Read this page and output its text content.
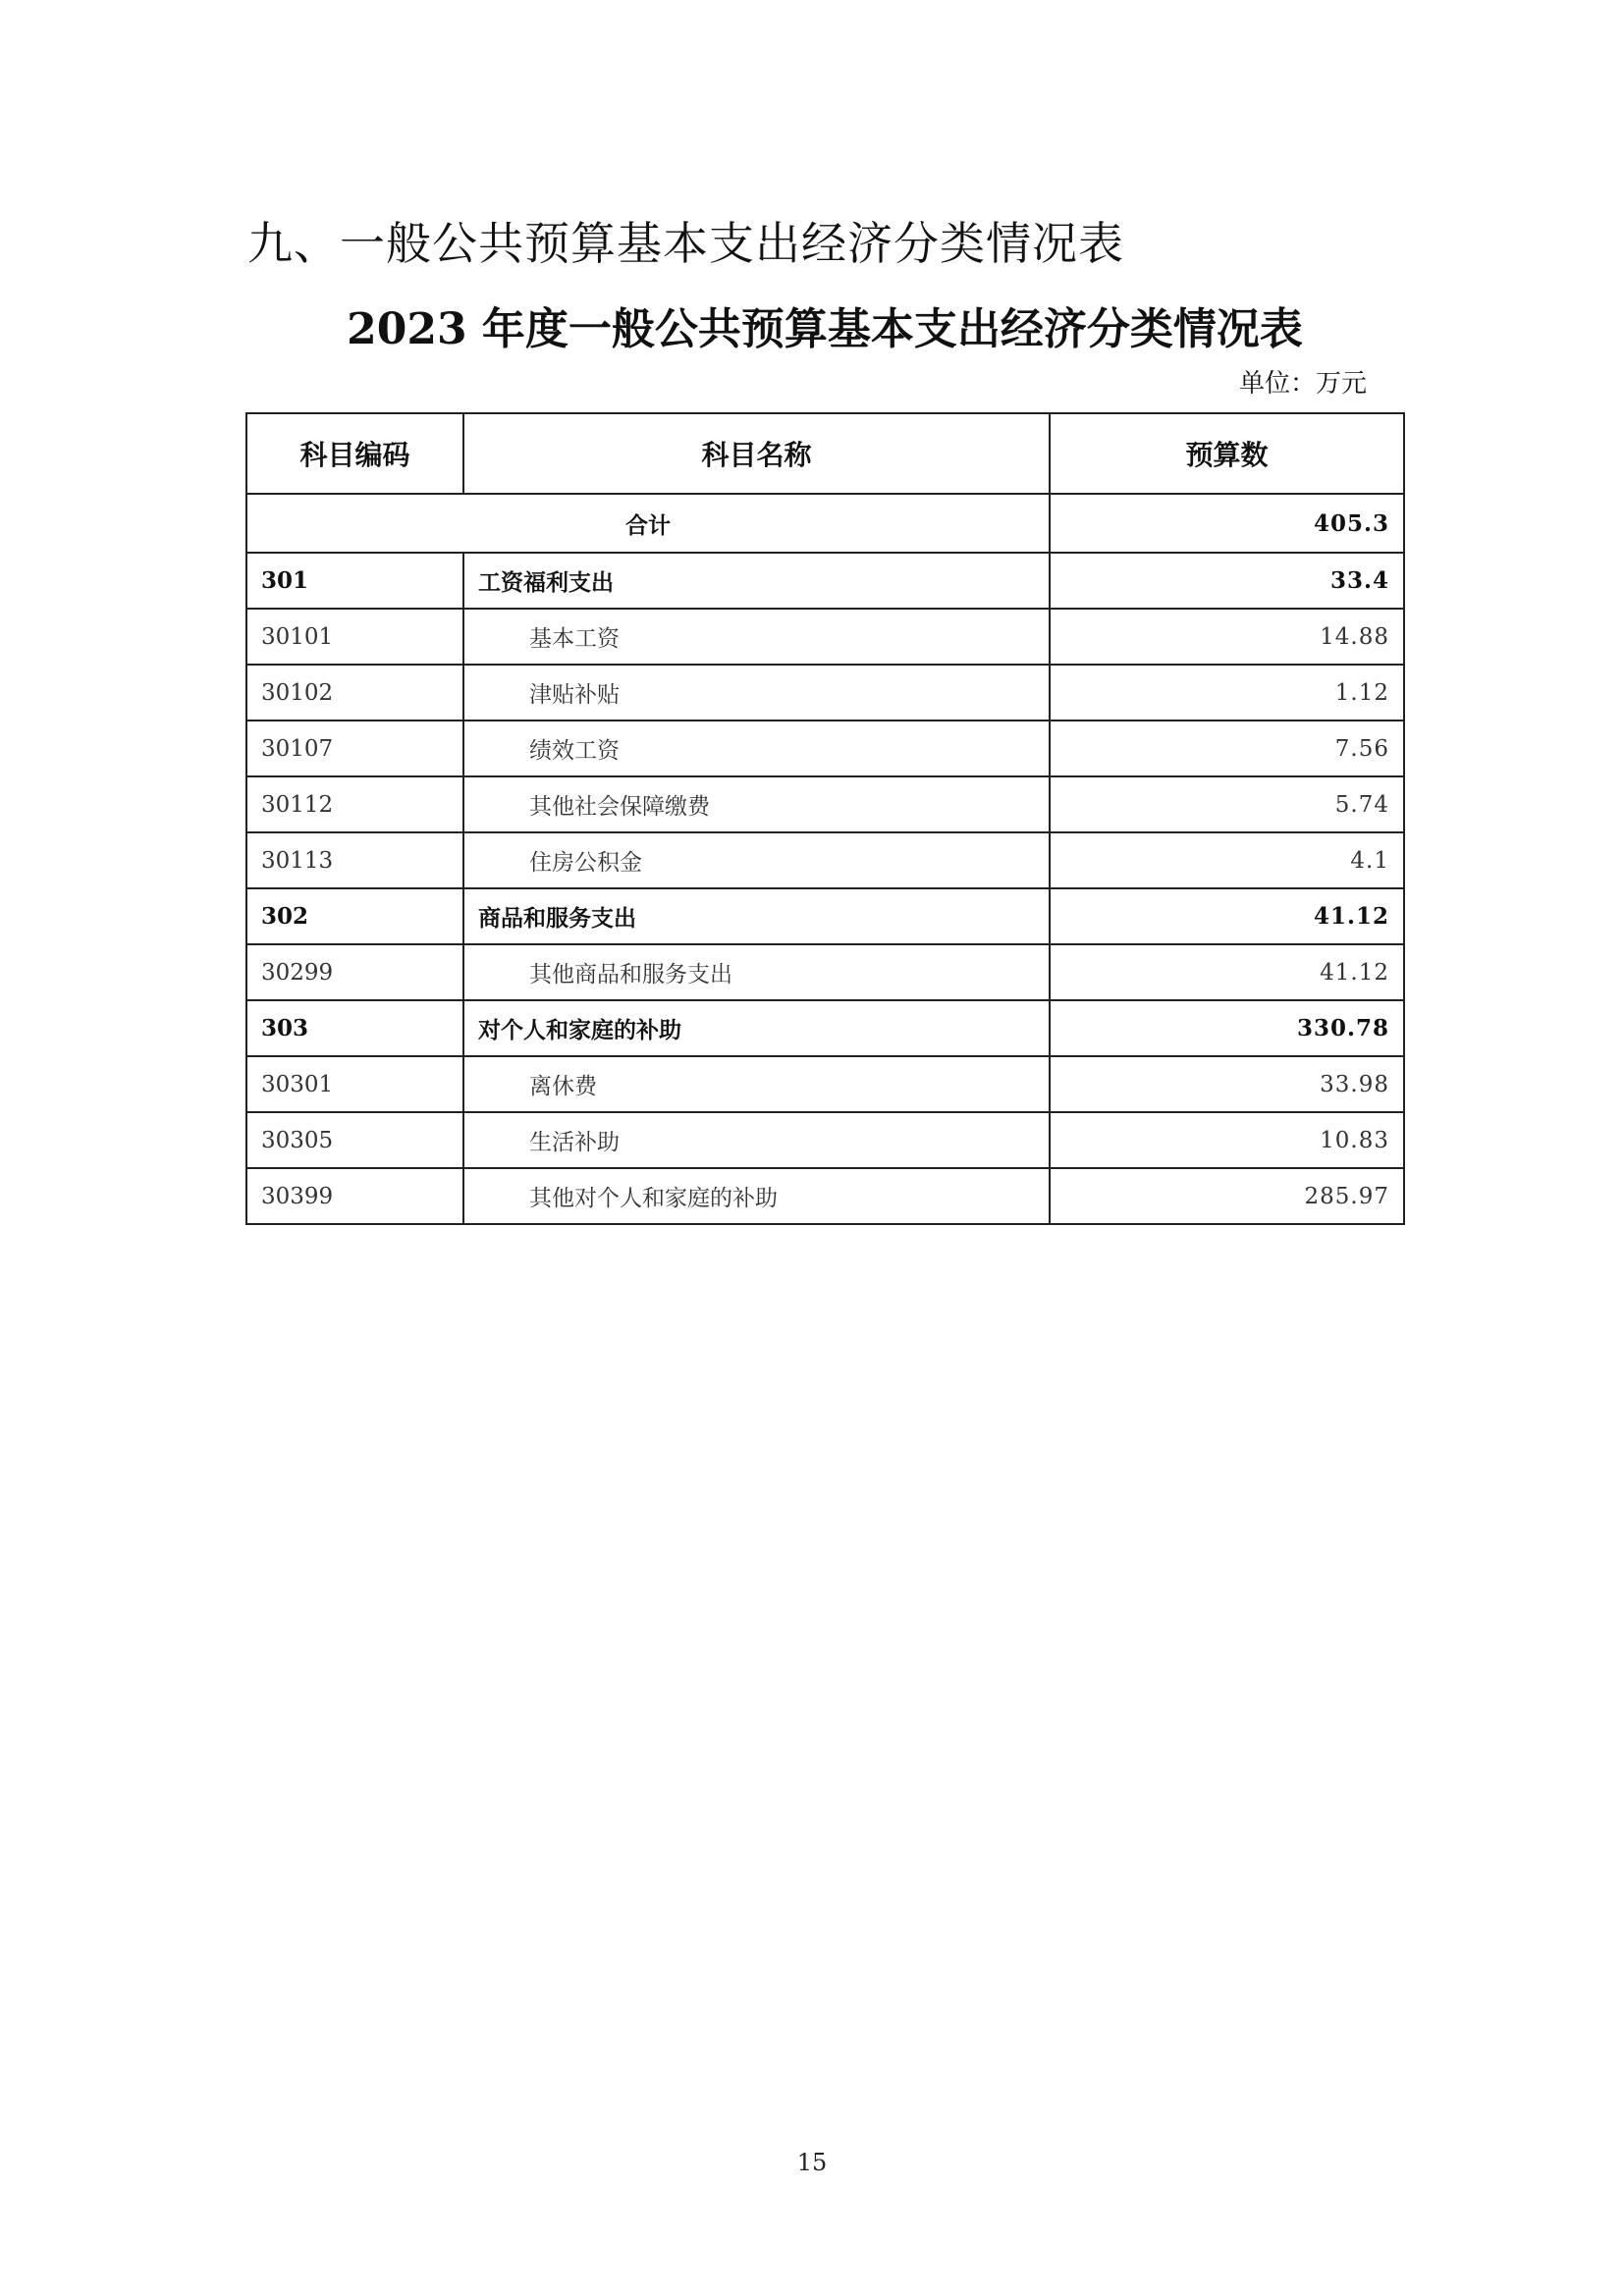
九、一般公共预算基本支出经济分类情况表
2023 年度一般公共预算基本支出经济分类情况表
单位：万元
科目编码	科目名称	预算数
合计		405.3
301	工资福利支出	33.4
30101	基本工资	14.88
30102	津贴补贴	1.12
30107	绩效工资	7.56
30112	其他社会保障缴费	5.74
30113	住房公积金	4.1
302	商品和服务支出	41.12
30299	其他商品和服务支出	41.12
303	对个人和家庭的补助	330.78
30301	离休费	33.98
30305	生活补助	10.83
30399	其他对个人和家庭的补助	285.97
15
